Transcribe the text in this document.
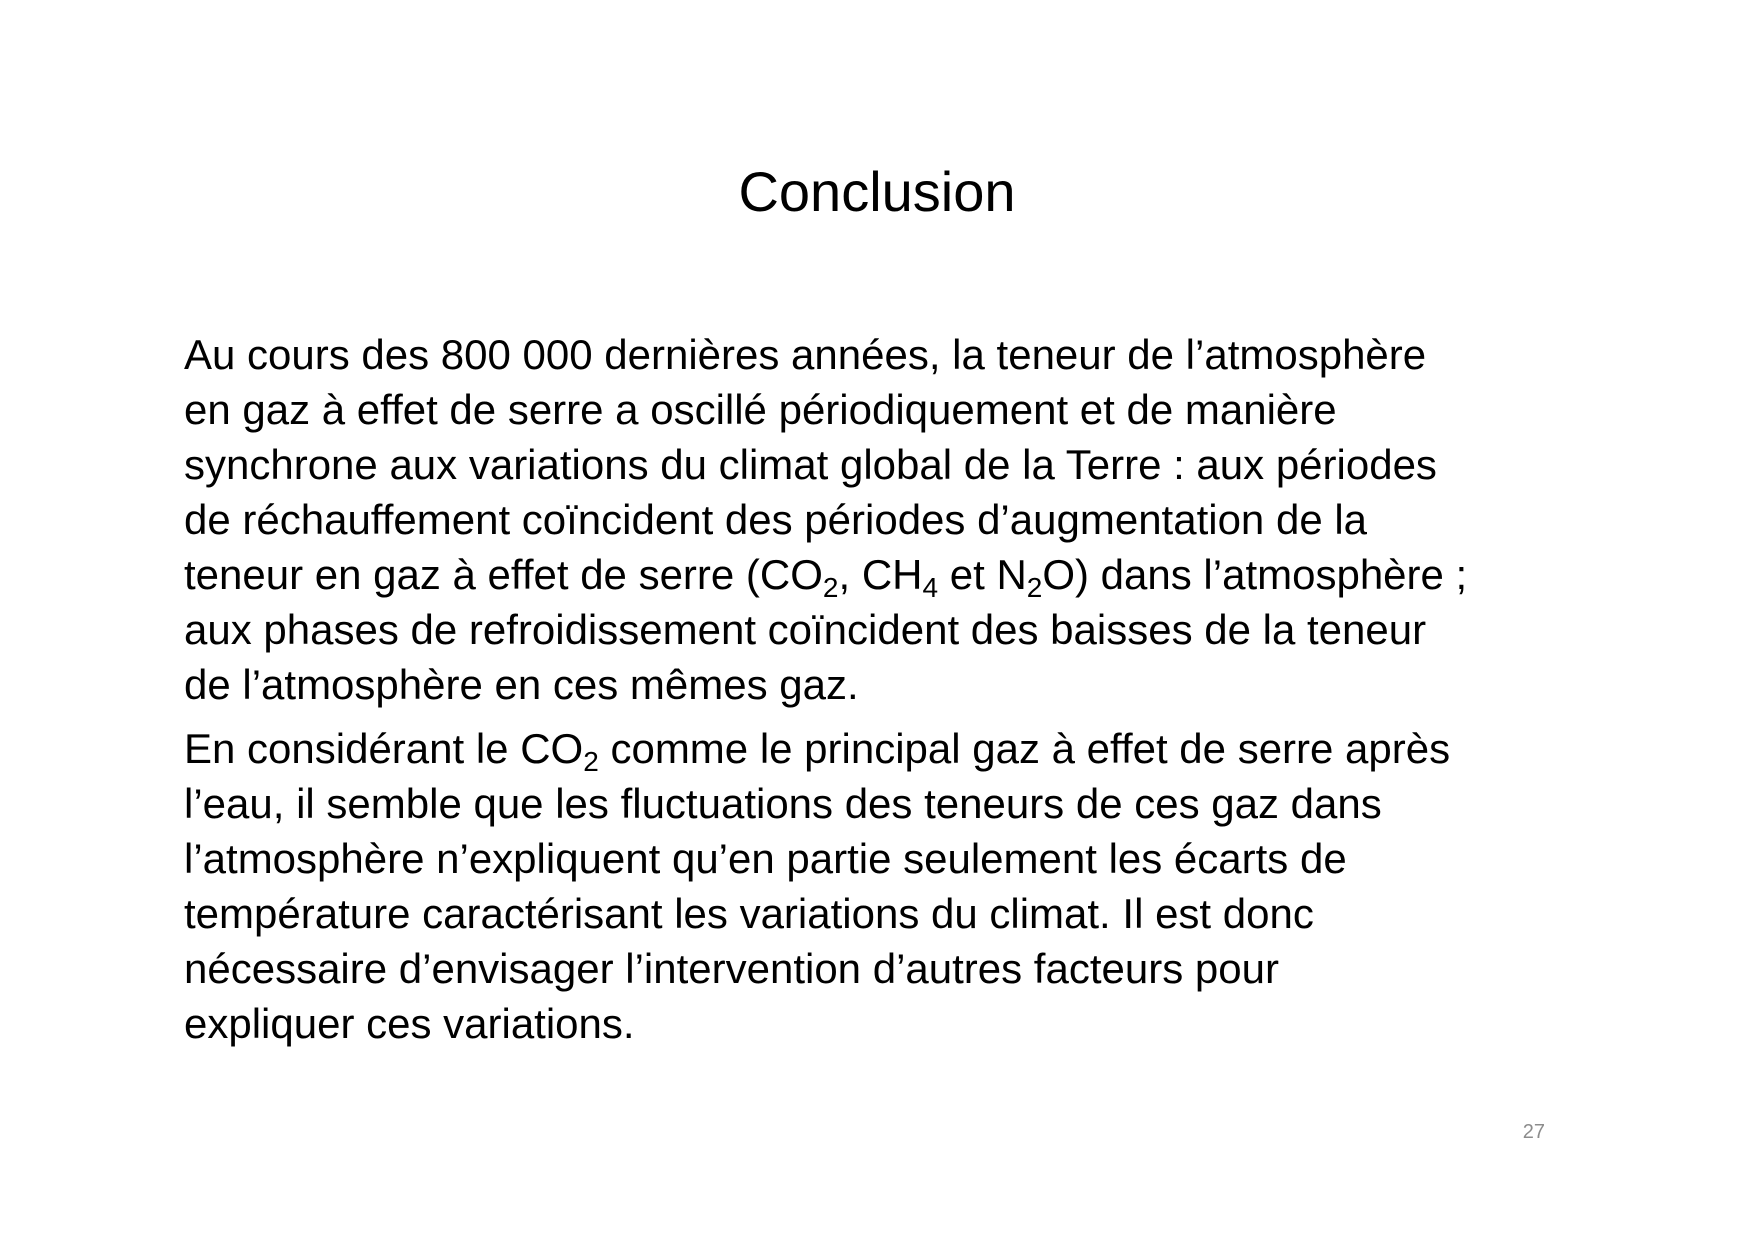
Conclusion
Au cours des 800 000 dernières années, la teneur de l’atmosphère
en gaz à effet de serre a oscillé périodiquement et de manière
synchrone aux variations du climat global de la Terre : aux périodes
de réchauffement coïncident des périodes d’augmentation de la
teneur en gaz à effet de serre ($CO_2$, $CH_4$ et $N_2O$) dans l’atmosphère ;
aux phases de refroidissement coïncident des baisses de la teneur
de l’atmosphère en ces mêmes gaz.
En considérant le $CO_2$ comme le principal gaz à effet de serre après
l’eau, il semble que les fluctuations des teneurs de ces gaz dans
l’atmosphère n’expliquent qu’en partie seulement les écarts de
température caractérisant les variations du climat. Il est donc
nécessaire d’envisager l’intervention d’autres facteurs pour
expliquer ces variations.
27
